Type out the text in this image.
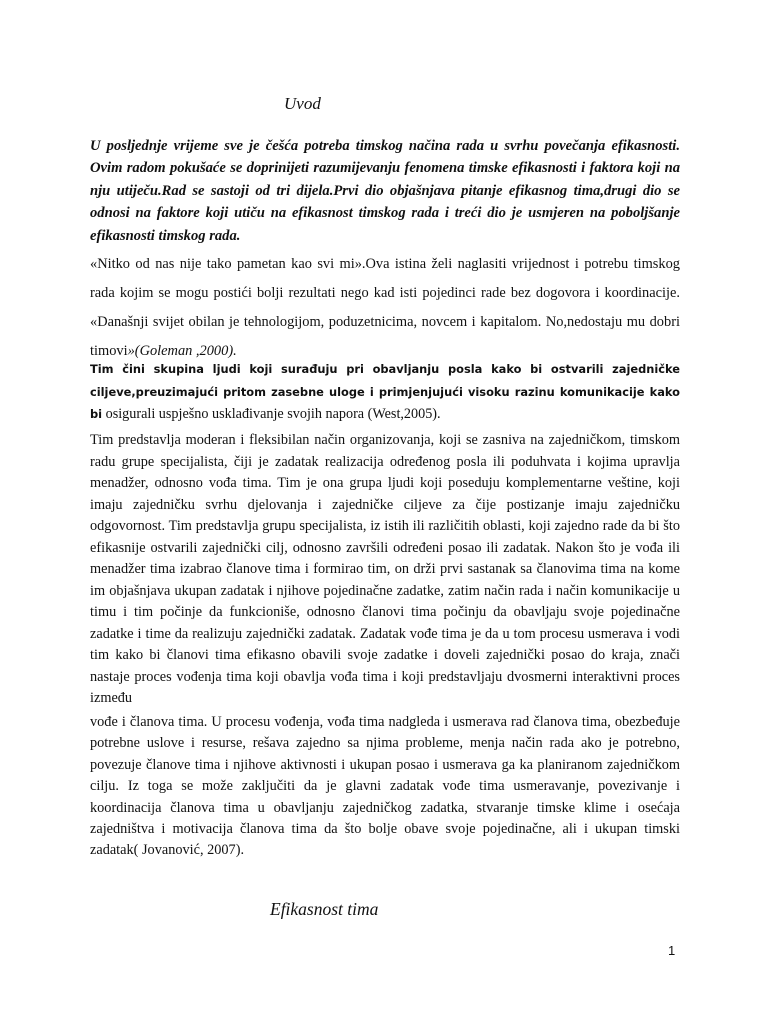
Uvod

U posljednje vrijeme sve je češća potreba timskog načina rada u svrhu povečanja efikasnosti. Ovim radom pokušaće se doprinijeti razumijevanju fenomena timske efikasnosti i faktora koji na nju utiječu.Rad se sastoji od tri dijela.Prvi dio objašnjava pitanje efikasnog tima,drugi dio se odnosi na faktore koji utiču na efikasnost timskog rada i treći dio je usmjeren na poboljšanje efikasnosti timskog rada.

«Nitko od nas nije tako pametan kao svi mi».Ova istina želi naglasiti vrijednost i potrebu timskog rada kojim se mogu postići bolji rezultati nego kad isti pojedinci rade bez dogovora i koordinacije. «Današnji svijet obilan je tehnologijom, poduzetnicima, novcem i kapitalom. No,nedostaju mu dobri timovi»(Goleman ,2000).

Tim čini skupina ljudi koji surađuju pri obavljanju posla kako bi ostvarili zajedničke ciljeve,preuzimajući pritom zasebne uloge i primjenjujući visoku razinu komunikacije kako bi osigurali uspješno usklađivanje svojih napora (West,2005).

Tim predstavlja moderan i fleksibilan način organizovanja, koji se zasniva na zajedničkom, timskom radu grupe specijalista, čiji je zadatak realizacija određenog posla ili poduhvata i kojima upravlja menadžer, odnosno vođa tima. Tim je ona grupa ljudi koji poseduju komplementarne veštine, koji imaju zajedničku svrhu djelovanja i zajedničke ciljeve za čije postizanje imaju zajedničku odgovornost. Tim predstavlja grupu specijalista, iz istih ili različitih oblasti, koji zajedno rade da bi što efikasnije ostvarili zajednički cilj, odnosno završili određeni posao ili zadatak. Nakon što je vođa ili menadžer tima izabrao članove tima i formirao tim, on drži prvi sastanak sa članovima tima na kome im objašnjava ukupan zadatak i njihove pojedinačne zadatke, zatim način rada i način komunikacije u timu i tim počinje da funkcioniše, odnosno članovi tima počinju da obavljaju svoje pojedinačne zadatke i time da realizuju zajednički zadatak. Zadatak vođe tima je da u tom procesu usmerava i vodi tim kako bi članovi tima efikasno obavili svoje zadatke i doveli zajednički posao do kraja, znači nastaje proces vođenja tima koji obavlja vođa tima i koji predstavljaju dvosmerni interaktivni proces između

vođe i članova tima. U procesu vođenja, vođa tima nadgleda i usmerava rad članova tima, obezbeđuje potrebne uslove i resurse, rešava zajedno sa njima probleme, menja način rada ako je potrebno, povezuje članove tima i njihove aktivnosti i ukupan posao i usmerava ga ka planiranom zajedničkom cilju. Iz toga se može zaključiti da je glavni zadatak vođe tima usmeravanje, povezivanje i koordinacija članova tima u obavljanju zajedničkog zadatka, stvaranje timske klime i osećaja zajedništva i motivacija članova tima da što bolje obave svoje pojedinačne, ali i ukupan timski zadatak( Jovanović, 2007).

Efikasnost tima
1
